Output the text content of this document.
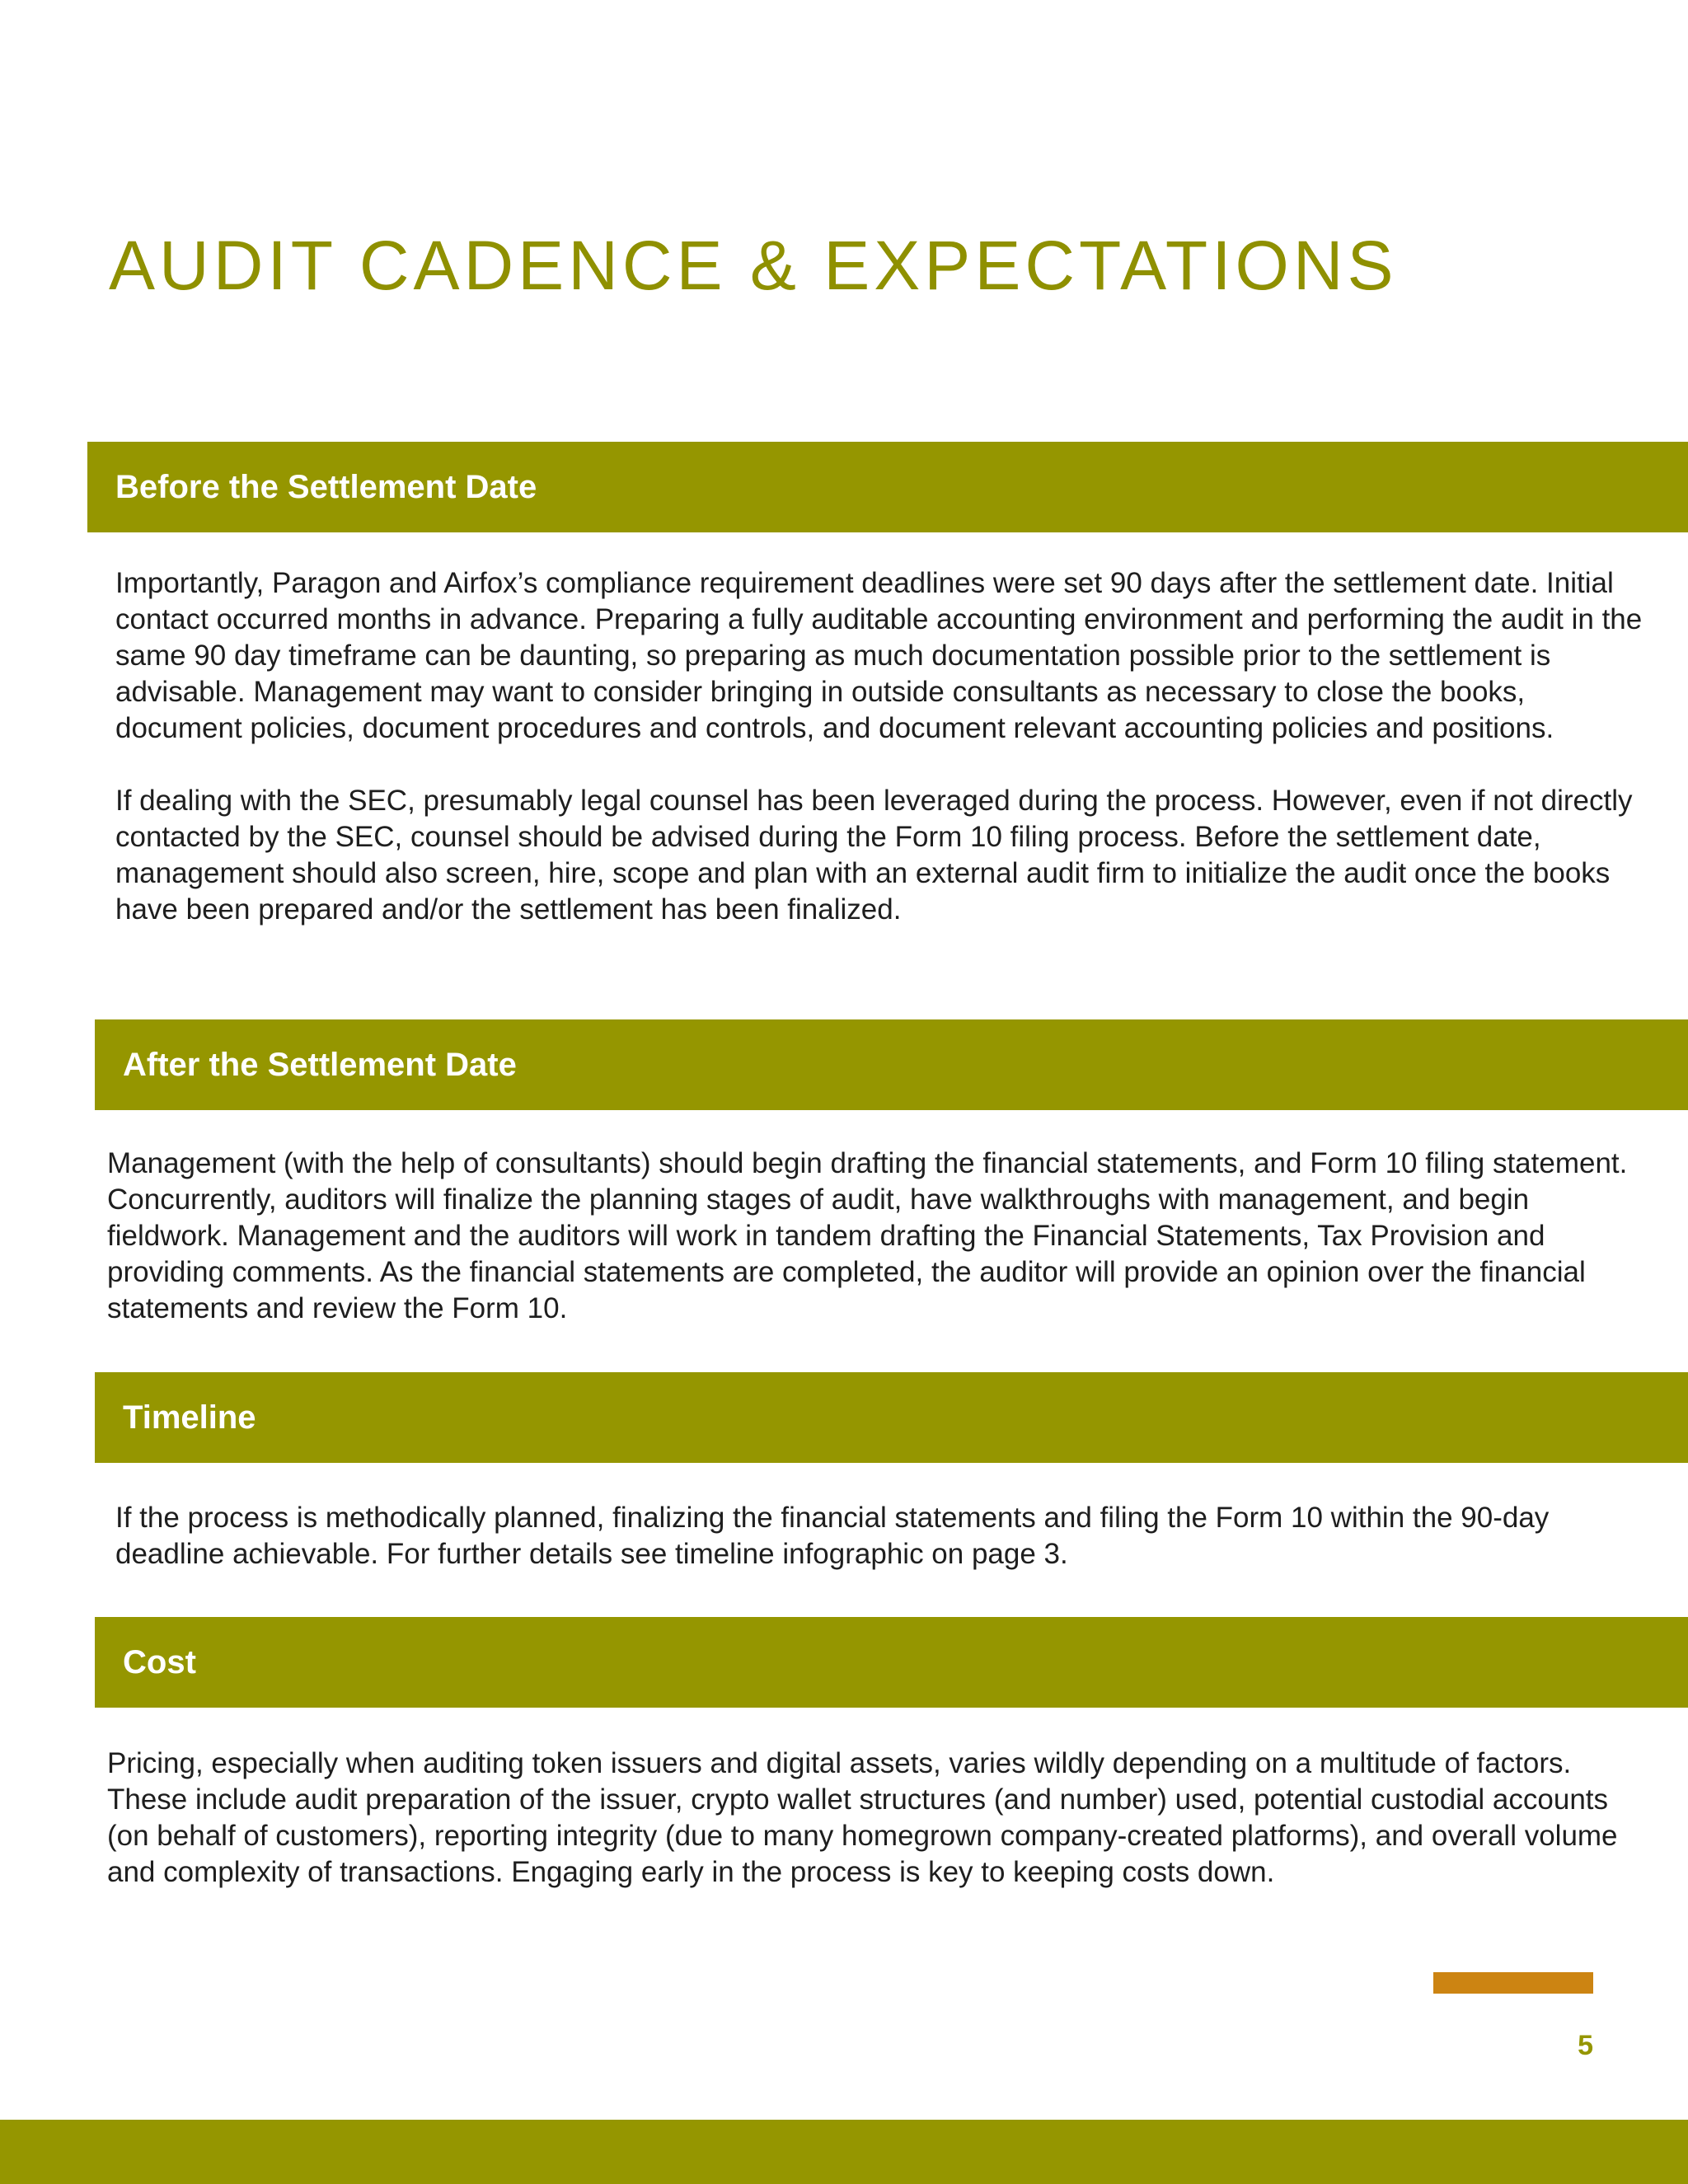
AUDIT CADENCE & EXPECTATIONS
Before the Settlement Date

Importantly, Paragon and Airfox’s compliance requirement deadlines were set 90 days after the settlement date. Initial contact occurred months in advance. Preparing a fully auditable accounting environment and performing the audit in the same 90 day timeframe can be daunting, so preparing as much documentation possible prior to the settlement is advisable. Management may want to consider bringing in outside consultants as necessary to close the books, document policies, document procedures and controls, and document relevant accounting policies and positions.

If dealing with the SEC, presumably legal counsel has been leveraged during the process. However, even if not directly contacted by the SEC, counsel should be advised during the Form 10 filing process. Before the settlement date, management should also screen, hire, scope and plan with an external audit firm to initialize the audit once the books have been prepared and/or the settlement has been finalized.

After the Settlement Date

Management (with the help of consultants) should begin drafting the financial statements, and Form 10 filing statement. Concurrently, auditors will finalize the planning stages of audit, have walkthroughs with management, and begin fieldwork. Management and the auditors will work in tandem drafting the Financial Statements, Tax Provision and providing comments. As the financial statements are completed, the auditor will provide an opinion over the financial statements and review the Form 10.

Timeline

If the process is methodically planned, finalizing the financial statements and filing the Form 10 within the 90-day deadline achievable. For further details see timeline infographic on page 3.

Cost

Pricing, especially when auditing token issuers and digital assets, varies wildly depending on a multitude of factors. These include audit preparation of the issuer, crypto wallet structures (and number) used, potential custodial accounts (on behalf of customers), reporting integrity (due to many homegrown company-created platforms), and overall volume and complexity of transactions. Engaging early in the process is key to keeping costs down.

5
